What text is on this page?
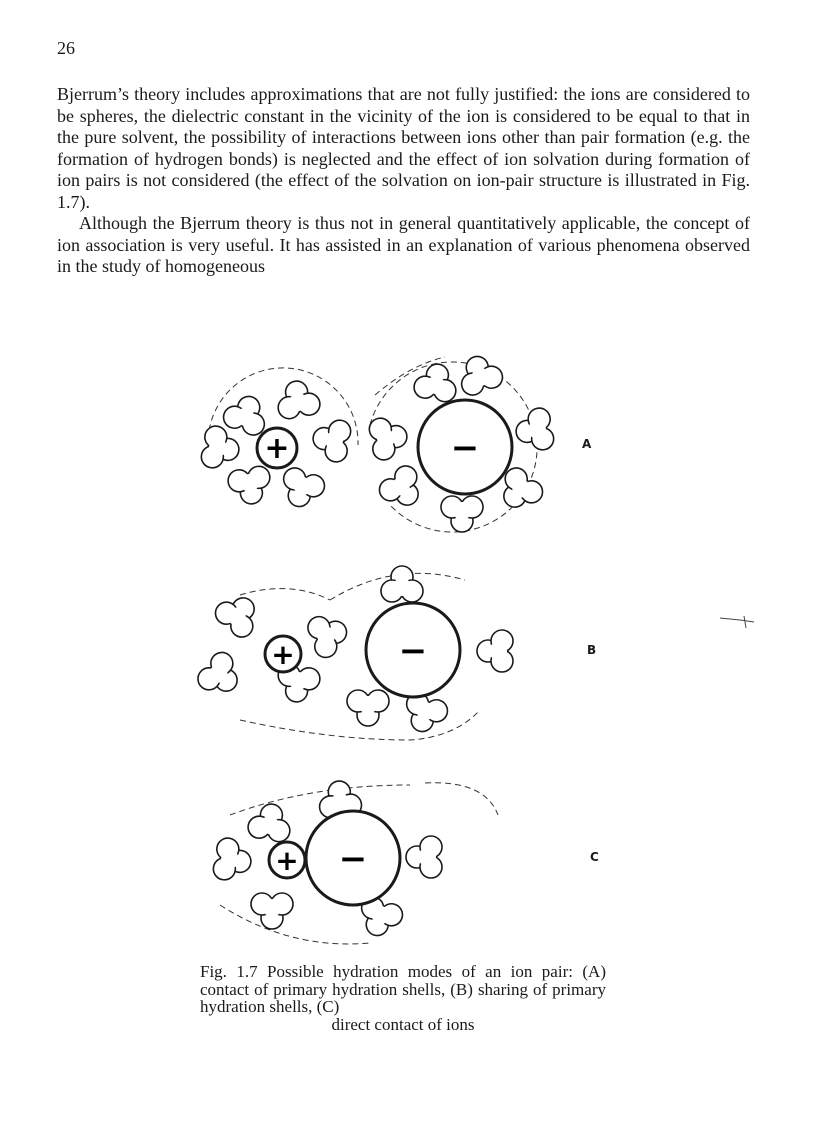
26

Bjerrum’s theory includes approximations that are not fully justified: the ions are considered to be spheres, the dielectric constant in the vicinity of the ion is considered to be equal to that in the pure solvent, the possibility of interactions between ions other than pair formation (e.g. the formation of hydrogen bonds) is neglected and the effect of ion solvation during formation of ion pairs is not considered (the effect of the solvation on ion-pair structure is illustrated in Fig. 1.7).

Although the Bjerrum theory is thus not in general quantitatively applicable, the concept of ion association is very useful. It has assisted in an explanation of various phenomena observed in the study of homogeneous

+	−
+	−
+ −
A
B
C
Fig. 1.7 Possible hydration modes of an ion pair: (A) contact of primary hydration shells, (B) sharing of primary hydration shells, (C)
direct contact of ions
